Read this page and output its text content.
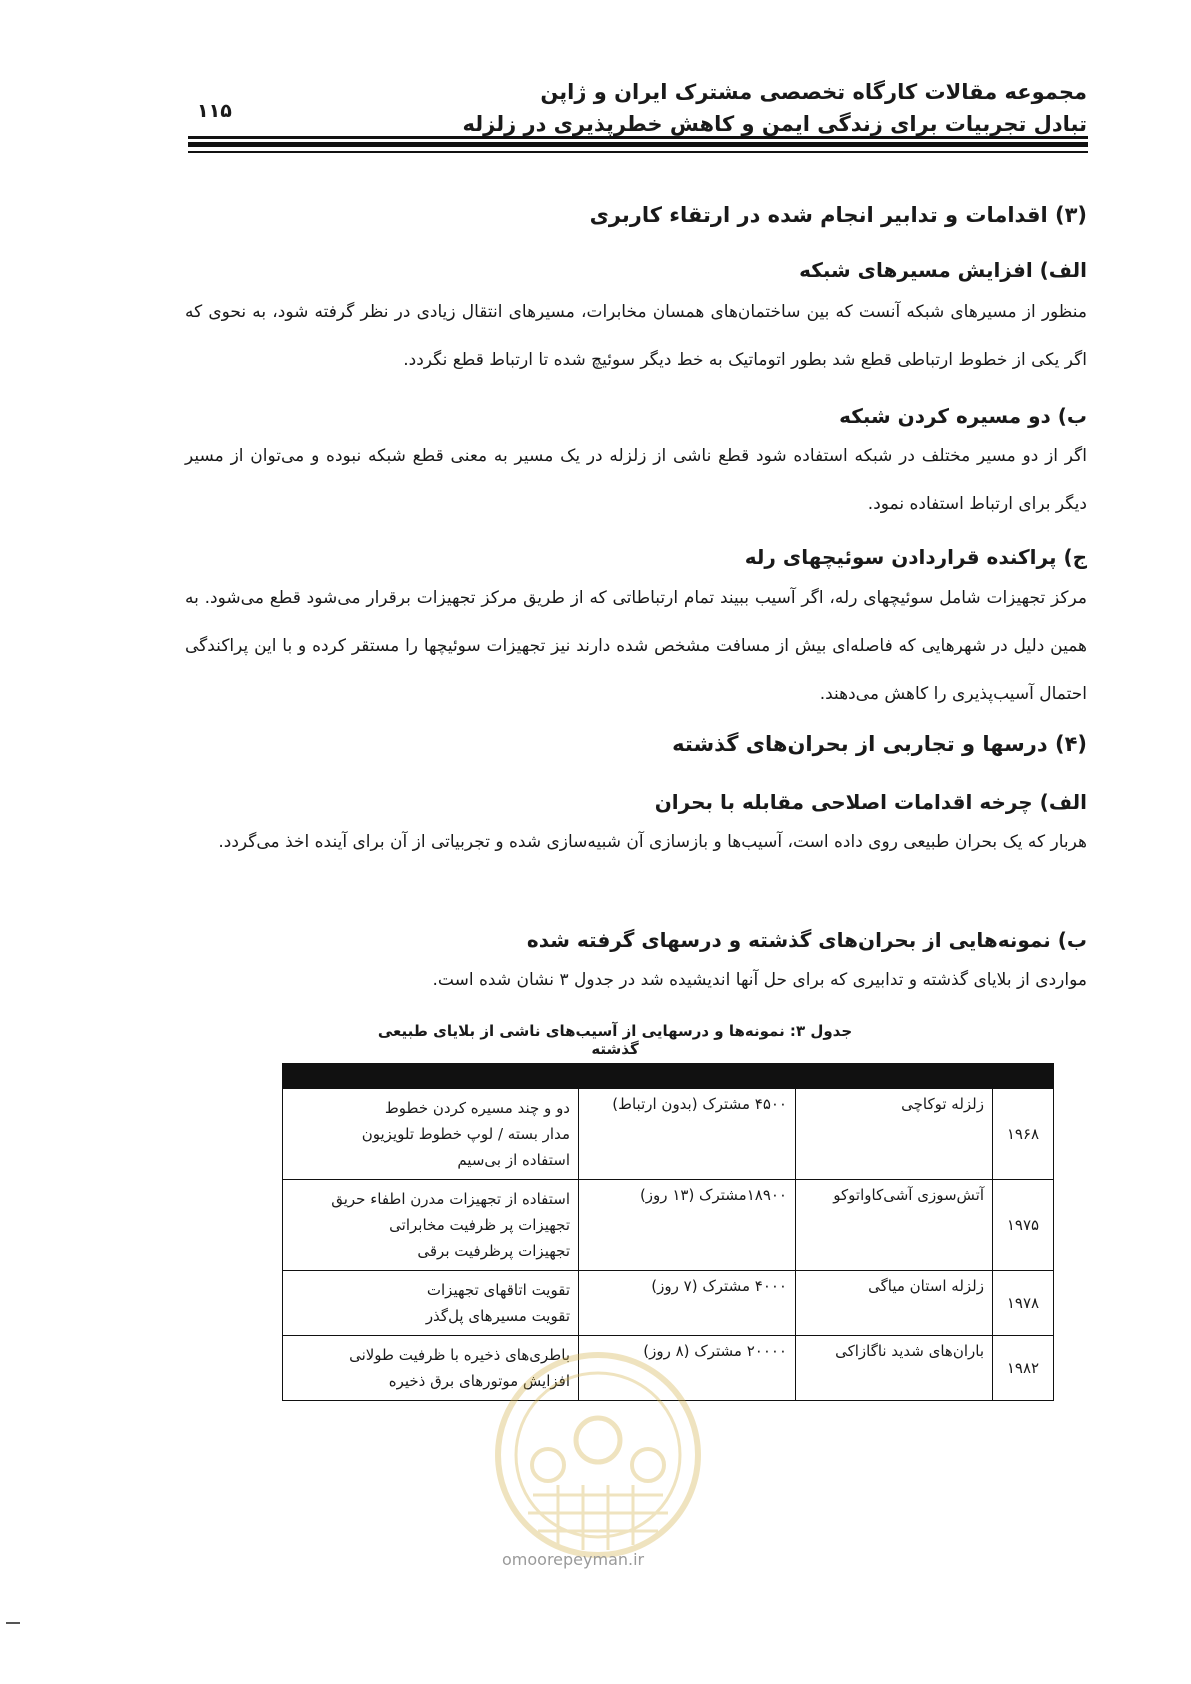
مجموعه مقالات کارگاه تخصصی مشترک ایران و ژاپن
تبادل تجربیات برای زندگی ایمن و کاهش خطرپذیری در زلزله
۱۱۵
(۳) اقدامات و تدابیر انجام شده در ارتقاء کاربری
الف) افزایش مسیرهای شبکه
منظور از مسیرهای شبکه آنست که بین ساختمان‌های همسان مخابرات، مسیرهای انتقال زیادی در نظر گرفته شود، به نحوی که اگر یکی از خطوط ارتباطی قطع شد بطور اتوماتیک به خط دیگر سوئیچ شده تا ارتباط قطع نگردد.
ب) دو مسیره کردن شبکه
اگر از دو مسیر مختلف در شبکه استفاده شود قطع ناشی از زلزله در یک مسیر به معنی قطع شبکه نبوده و می‌توان از مسیر دیگر برای ارتباط استفاده نمود.
ج) پراکنده قراردادن سوئیچهای رله
مرکز تجهیزات شامل سوئیچهای رله، اگر آسیب ببیند تمام ارتباطاتی که از طریق مرکز تجهیزات برقرار می‌شود قطع می‌شود. به همین دلیل در شهرهایی که فاصله‌ای بیش از مسافت مشخص شده دارند نیز تجهیزات سوئیچها را مستقر کرده و با این پراکندگی احتمال آسیب‌پذیری را کاهش می‌دهند.
(۴) درسها و تجاربی از بحران‌های گذشته
الف) چرخه اقدامات اصلاحی مقابله با بحران
هربار که یک بحران طبیعی روی داده است، آسیب‌ها و بازسازی آن شبیه‌سازی شده و تجربیاتی از آن برای آینده اخذ می‌گردد.
ب) نمونه‌هایی از بحران‌های گذشته و درسهای گرفته شده
مواردی از بلایای گذشته و تدابیری که برای حل آنها اندیشیده شد در جدول ۳ نشان شده است.
جدول ۳: نمونه‌ها و درسهایی از آسیب‌های ناشی از بلایای طبیعی گذشته

۱۹۶۸	زلزله توکاچی	۴۵۰۰ مشترک (بدون ارتباط)	دو و چند مسیره کردن خطوط
مدار بسته / لوپ خطوط تلویزیون
استفاده از بی‌سیم

۱۹۷۵	آتش‌سوزی آشی‌کاواتوکو	۱۸۹۰۰مشترک (۱۳ روز)	استفاده از تجهیزات مدرن اطفاء حریق
تجهیزات پر ظرفیت مخابراتی
تجهیزات پرظرفیت برقی

۱۹۷۸	زلزله استان میاگی	۴۰۰۰ مشترک (۷ روز)	تقویت اتاقهای تجهیزات
تقویت مسیرهای پل‌گذر

۱۹۸۲	باران‌های شدید ناگازاکی	۲۰۰۰۰ مشترک (۸ روز)	باطری‌های ذخیره با ظرفیت طولانی
افزایش موتورهای برق ذخیره
omoorepeyman.ir
